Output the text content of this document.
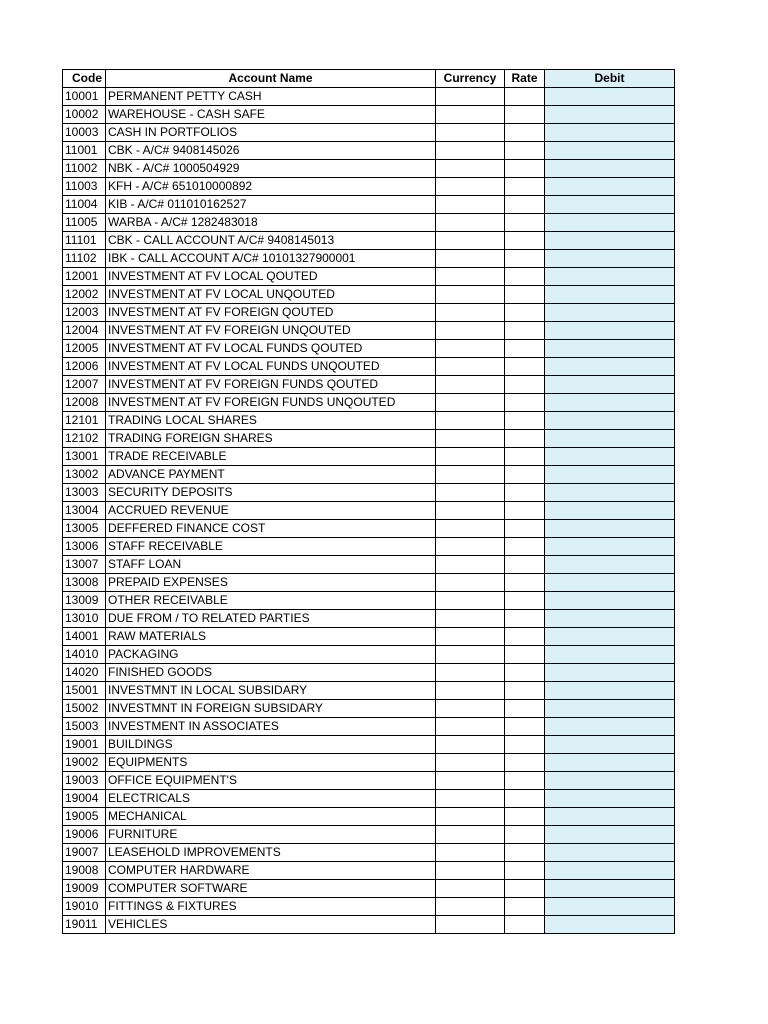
Code	Account Name	Currency	Rate	Debit
10001	PERMANENT PETTY CASH			
10002	WAREHOUSE - CASH SAFE			
10003	CASH IN PORTFOLIOS			
11001	CBK - A/C# 9408145026			
11002	NBK - A/C# 1000504929			
11003	KFH - A/C# 651010000892			
11004	KIB - A/C# 011010162527			
11005	WARBA - A/C# 1282483018			
11101	CBK - CALL ACCOUNT A/C# 9408145013			
11102	IBK - CALL ACCOUNT A/C# 10101327900001			
12001	INVESTMENT AT FV LOCAL QOUTED			
12002	INVESTMENT AT FV LOCAL UNQOUTED			
12003	INVESTMENT AT FV FOREIGN QOUTED			
12004	INVESTMENT AT FV FOREIGN UNQOUTED			
12005	INVESTMENT AT FV LOCAL FUNDS QOUTED			
12006	INVESTMENT AT FV LOCAL FUNDS UNQOUTED			
12007	INVESTMENT AT FV FOREIGN FUNDS QOUTED			
12008	INVESTMENT AT FV FOREIGN FUNDS UNQOUTED			
12101	TRADING LOCAL SHARES			
12102	TRADING FOREIGN SHARES			
13001	TRADE RECEIVABLE			
13002	ADVANCE PAYMENT			
13003	SECURITY DEPOSITS			
13004	ACCRUED REVENUE			
13005	DEFFERED FINANCE COST			
13006	STAFF RECEIVABLE			
13007	STAFF LOAN			
13008	PREPAID EXPENSES			
13009	OTHER RECEIVABLE			
13010	DUE FROM / TO RELATED PARTIES			
14001	RAW MATERIALS			
14010	PACKAGING			
14020	FINISHED GOODS			
15001	INVESTMNT IN LOCAL SUBSIDARY			
15002	INVESTMNT IN FOREIGN SUBSIDARY			
15003	INVESTMENT IN ASSOCIATES			
19001	BUILDINGS			
19002	EQUIPMENTS			
19003	OFFICE EQUIPMENT'S			
19004	ELECTRICALS			
19005	MECHANICAL			
19006	FURNITURE			
19007	LEASEHOLD IMPROVEMENTS			
19008	COMPUTER HARDWARE			
19009	COMPUTER SOFTWARE			
19010	FITTINGS & FIXTURES			
19011	VEHICLES			
